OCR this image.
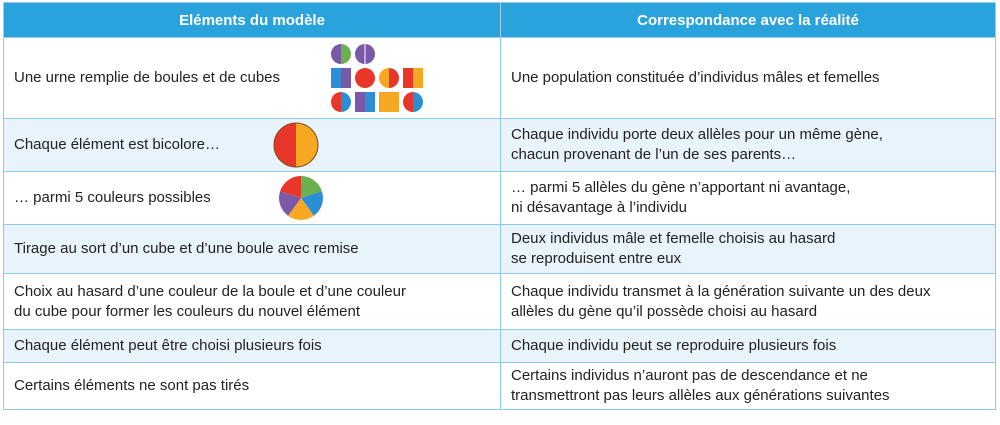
Eléments du modèle	Correspondance avec la réalité

Une urne remplie de boules et de cubes	Une population constituée d’individus mâles et femelles

Chaque élément est bicolore…	Chaque individu porte deux allèles pour un même gène,
chacun provenant de l’un de ses parents…

… parmi 5 couleurs possibles	… parmi 5 allèles du gène n’apportant ni avantage,
ni désavantage à l’individu

Tirage au sort d’un cube et d’une boule avec remise	Deux individus mâle et femelle choisis au hasard
se reproduisent entre eux

Choix au hasard d’une couleur de la boule et d’une couleur
du cube pour former les couleurs du nouvel élément	Chaque individu transmet à la génération suivante un des deux
allèles du gène qu’il possède choisi au hasard

Chaque élément peut être choisi plusieurs fois	Chaque individu peut se reproduire plusieurs fois

Certains éléments ne sont pas tirés	Certains individus n’auront pas de descendance et ne
transmettront pas leurs allèles aux générations suivantes
